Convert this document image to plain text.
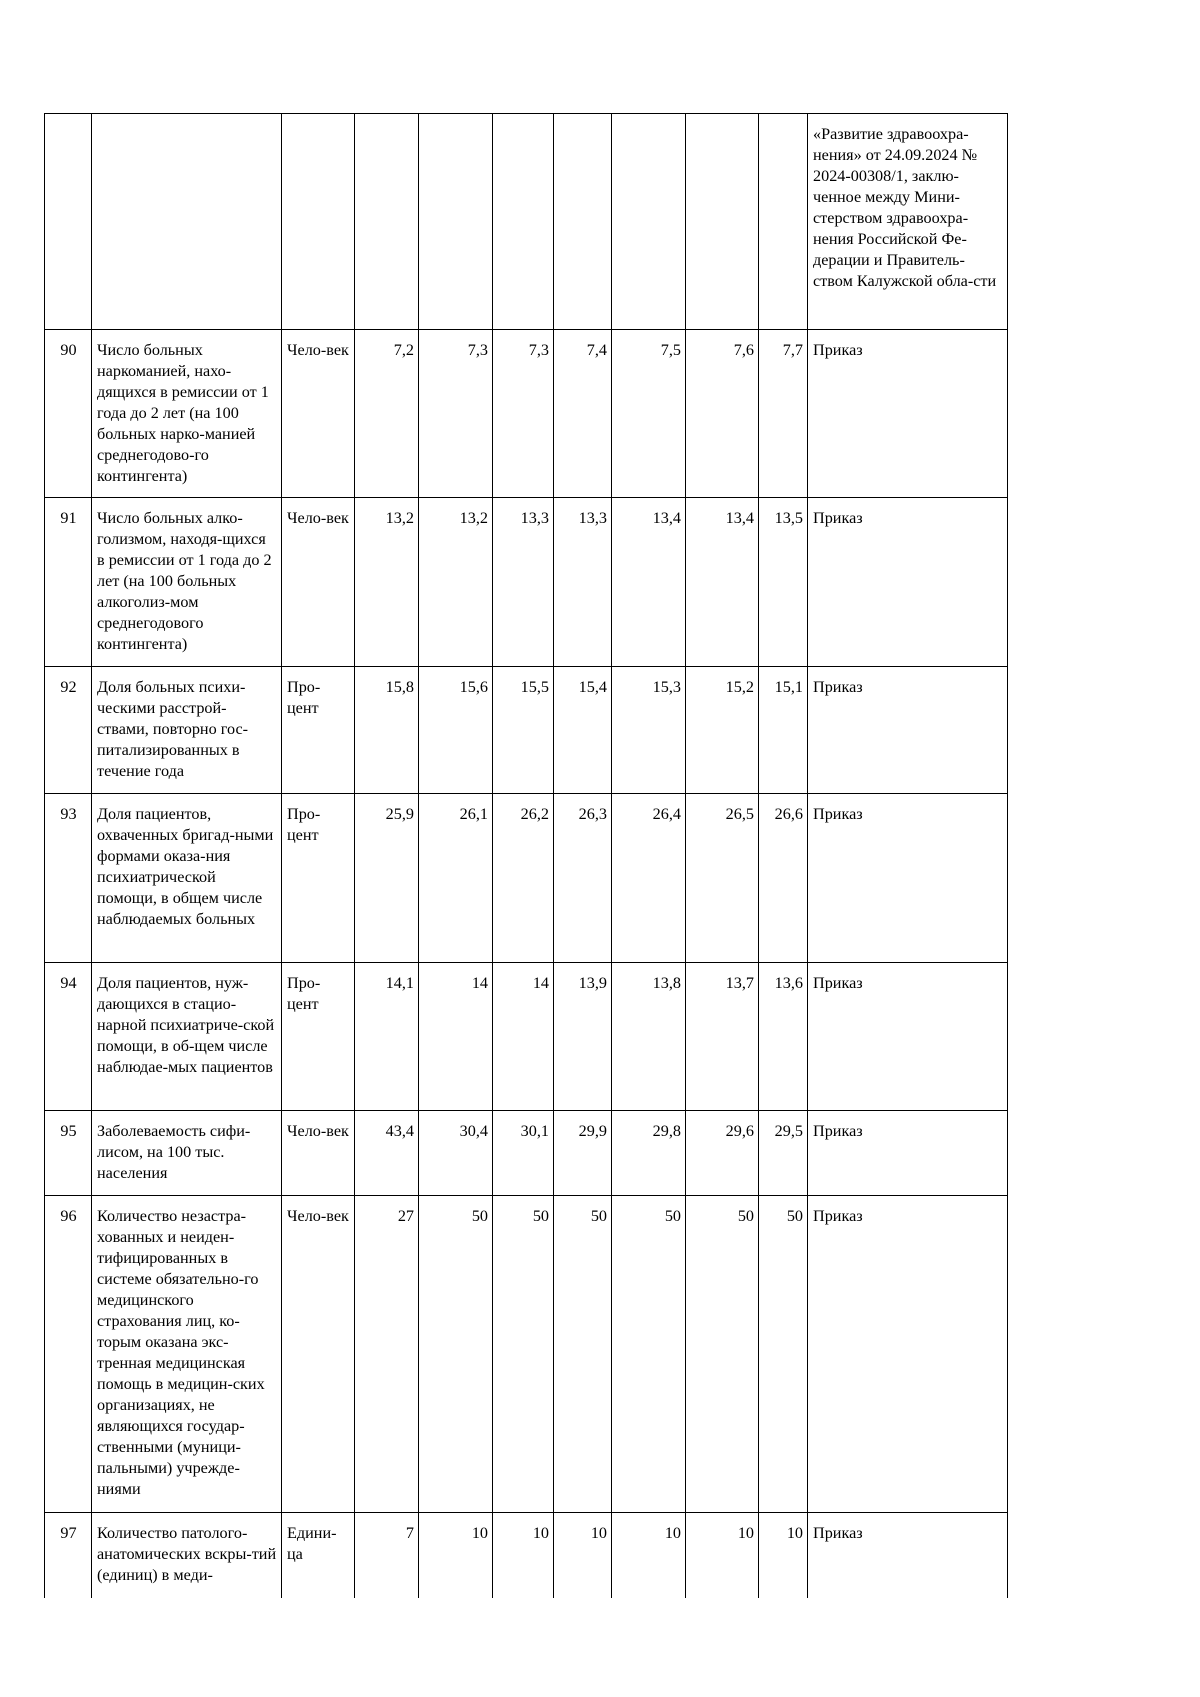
										«Развитие здравоохра-нения» от 24.09.2024 № 2024-00308/1, заклю-ченное между Мини-стерством здравоохра-нения Российской Фе-дерации и Правитель-ством Калужской обла-сти
90	Число больных наркоманией, нахо-дящихся в ремиссии от 1 года до 2 лет (на 100 больных нарко-манией среднегодово-го контингента)	Чело-век	7,2	7,3	7,3	7,4	7,5	7,6	7,7	Приказ
91	Число больных алко-голизмом, находя-щихся в ремиссии от 1 года до 2 лет (на 100 больных алкоголиз-мом среднегодового контингента)	Чело-век	13,2	13,2	13,3	13,3	13,4	13,4	13,5	Приказ
92	Доля больных психи-ческими расстрой-ствами, повторно гос-питализированных в течение года	Про-цент	15,8	15,6	15,5	15,4	15,3	15,2	15,1	Приказ
93	Доля пациентов, охваченных бригад-ными формами оказа-ния психиатрической помощи, в общем числе наблюдаемых больных	Про-цент	25,9	26,1	26,2	26,3	26,4	26,5	26,6	Приказ
94	Доля пациентов, нуж-дающихся в стацио-нарной психиатриче-ской помощи, в об-щем числе наблюдае-мых пациентов	Про-цент	14,1	14	14	13,9	13,8	13,7	13,6	Приказ
95	Заболеваемость сифи-лисом, на 100 тыс. населения	Чело-век	43,4	30,4	30,1	29,9	29,8	29,6	29,5	Приказ
96	Количество незастра-хованных и неиден-тифицированных в системе обязательно-го медицинского страхования лиц, ко-торым оказана экс-тренная медицинская помощь в медицин-ских организациях, не являющихся государ-ственными (муници-пальными) учрежде-ниями	Чело-век	27	50	50	50	50	50	50	Приказ
97	Количество патолого-анатомических вскры-тий (единиц) в меди-	Едини-ца	7	10	10	10	10	10	10	Приказ
